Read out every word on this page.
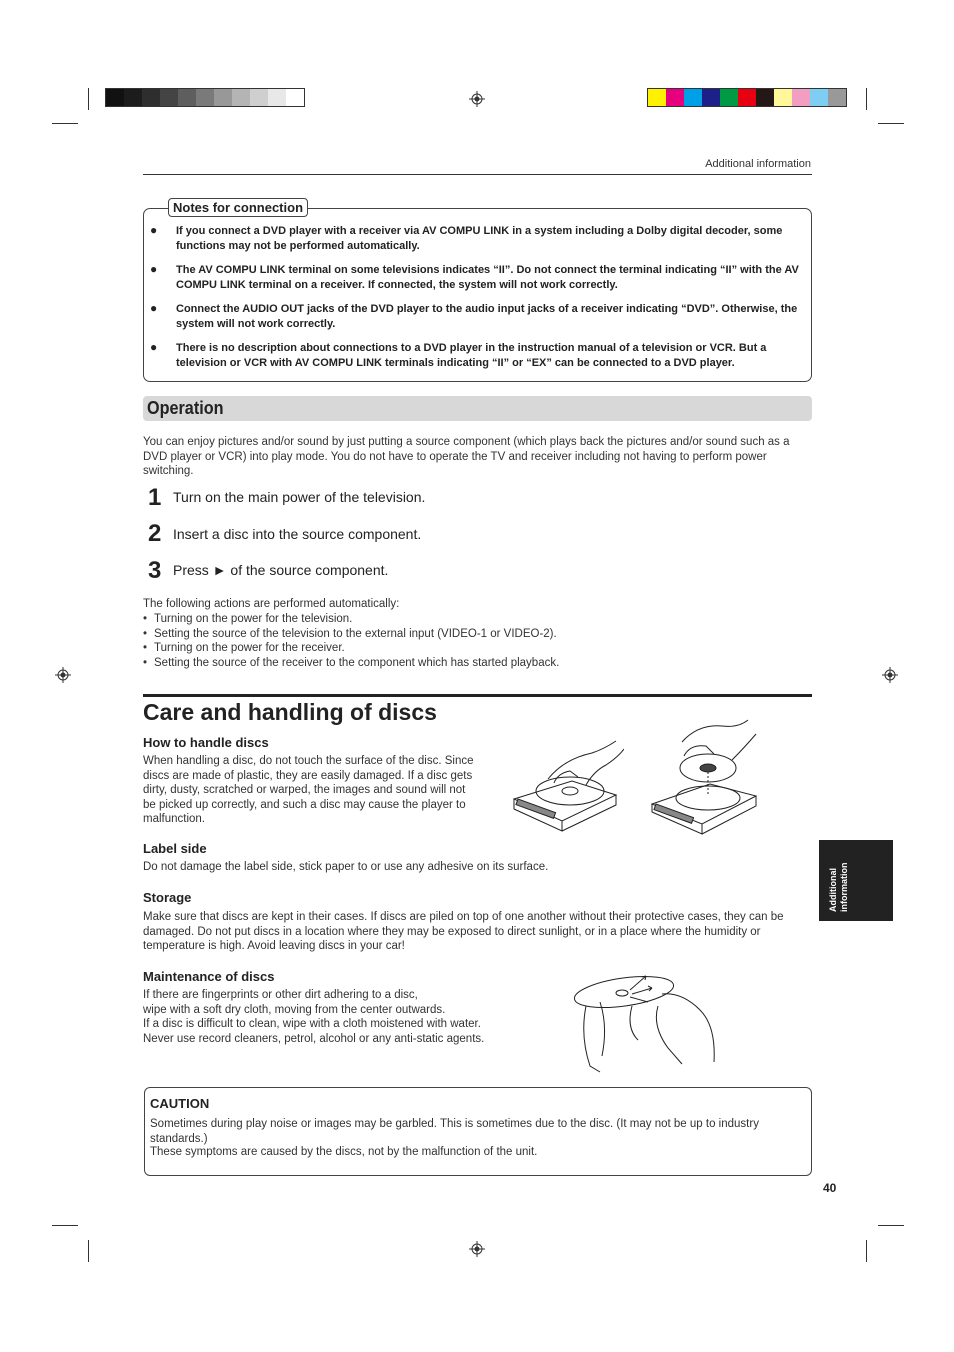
Additional information
Notes for connection
● If you connect a DVD player with a receiver via AV COMPU LINK in a system including a Dolby digital decoder, some functions may not be performed automatically.
● The AV COMPU LINK terminal on some televisions indicates “II”. Do not connect the terminal indicating “II” with the AV COMPU LINK terminal on a receiver. If connected, the system will not work correctly.
● Connect the AUDIO OUT jacks of the DVD player to the audio input jacks of a receiver indicating “DVD”. Otherwise, the system will not work correctly.
● There is no description about connections to a DVD player in the instruction manual of a television or VCR. But a television or VCR with AV COMPU LINK terminals indicating “II” or “EX” can be connected to a DVD player.
Operation
You can enjoy pictures and/or sound by just putting a source component (which plays back the pictures and/or sound such as a DVD player or VCR) into play mode. You do not have to operate the TV and receiver including not having to perform power switching.
1 Turn on the main power of the television.
2 Insert a disc into the source component.
3 Press ► of the source component.
The following actions are performed automatically:
• Turning on the power for the television.
• Setting the source of the television to the external input (VIDEO-1 or VIDEO-2).
• Turning on the power for the receiver.
• Setting the source of the receiver to the component which has started playback.
Care and handling of discs
How to handle discs
When handling a disc, do not touch the surface of the disc. Since discs are made of plastic, they are easily damaged. If a disc gets dirty, dusty, scratched or warped, the images and sound will not be picked up correctly, and such a disc may cause the player to malfunction.
Label side
Do not damage the label side, stick paper to or use any adhesive on its surface.
Storage
Make sure that discs are kept in their cases. If discs are piled on top of one another without their protective cases, they can be damaged. Do not put discs in a location where they may be exposed to direct sunlight, or in a place where the humidity or temperature is high. Avoid leaving discs in your car!
Maintenance of discs
If there are fingerprints or other dirt adhering to a disc,
wipe with a soft dry cloth, moving from the center outwards.
If a disc is difficult to clean, wipe with a cloth moistened with water.
Never use record cleaners, petrol, alcohol or any anti-static agents.
Additional information
CAUTION
Sometimes during play noise or images may be garbled. This is sometimes due to the disc. (It may not be up to industry standards.)
These symptoms are caused by the discs, not by the malfunction of the unit.
40
